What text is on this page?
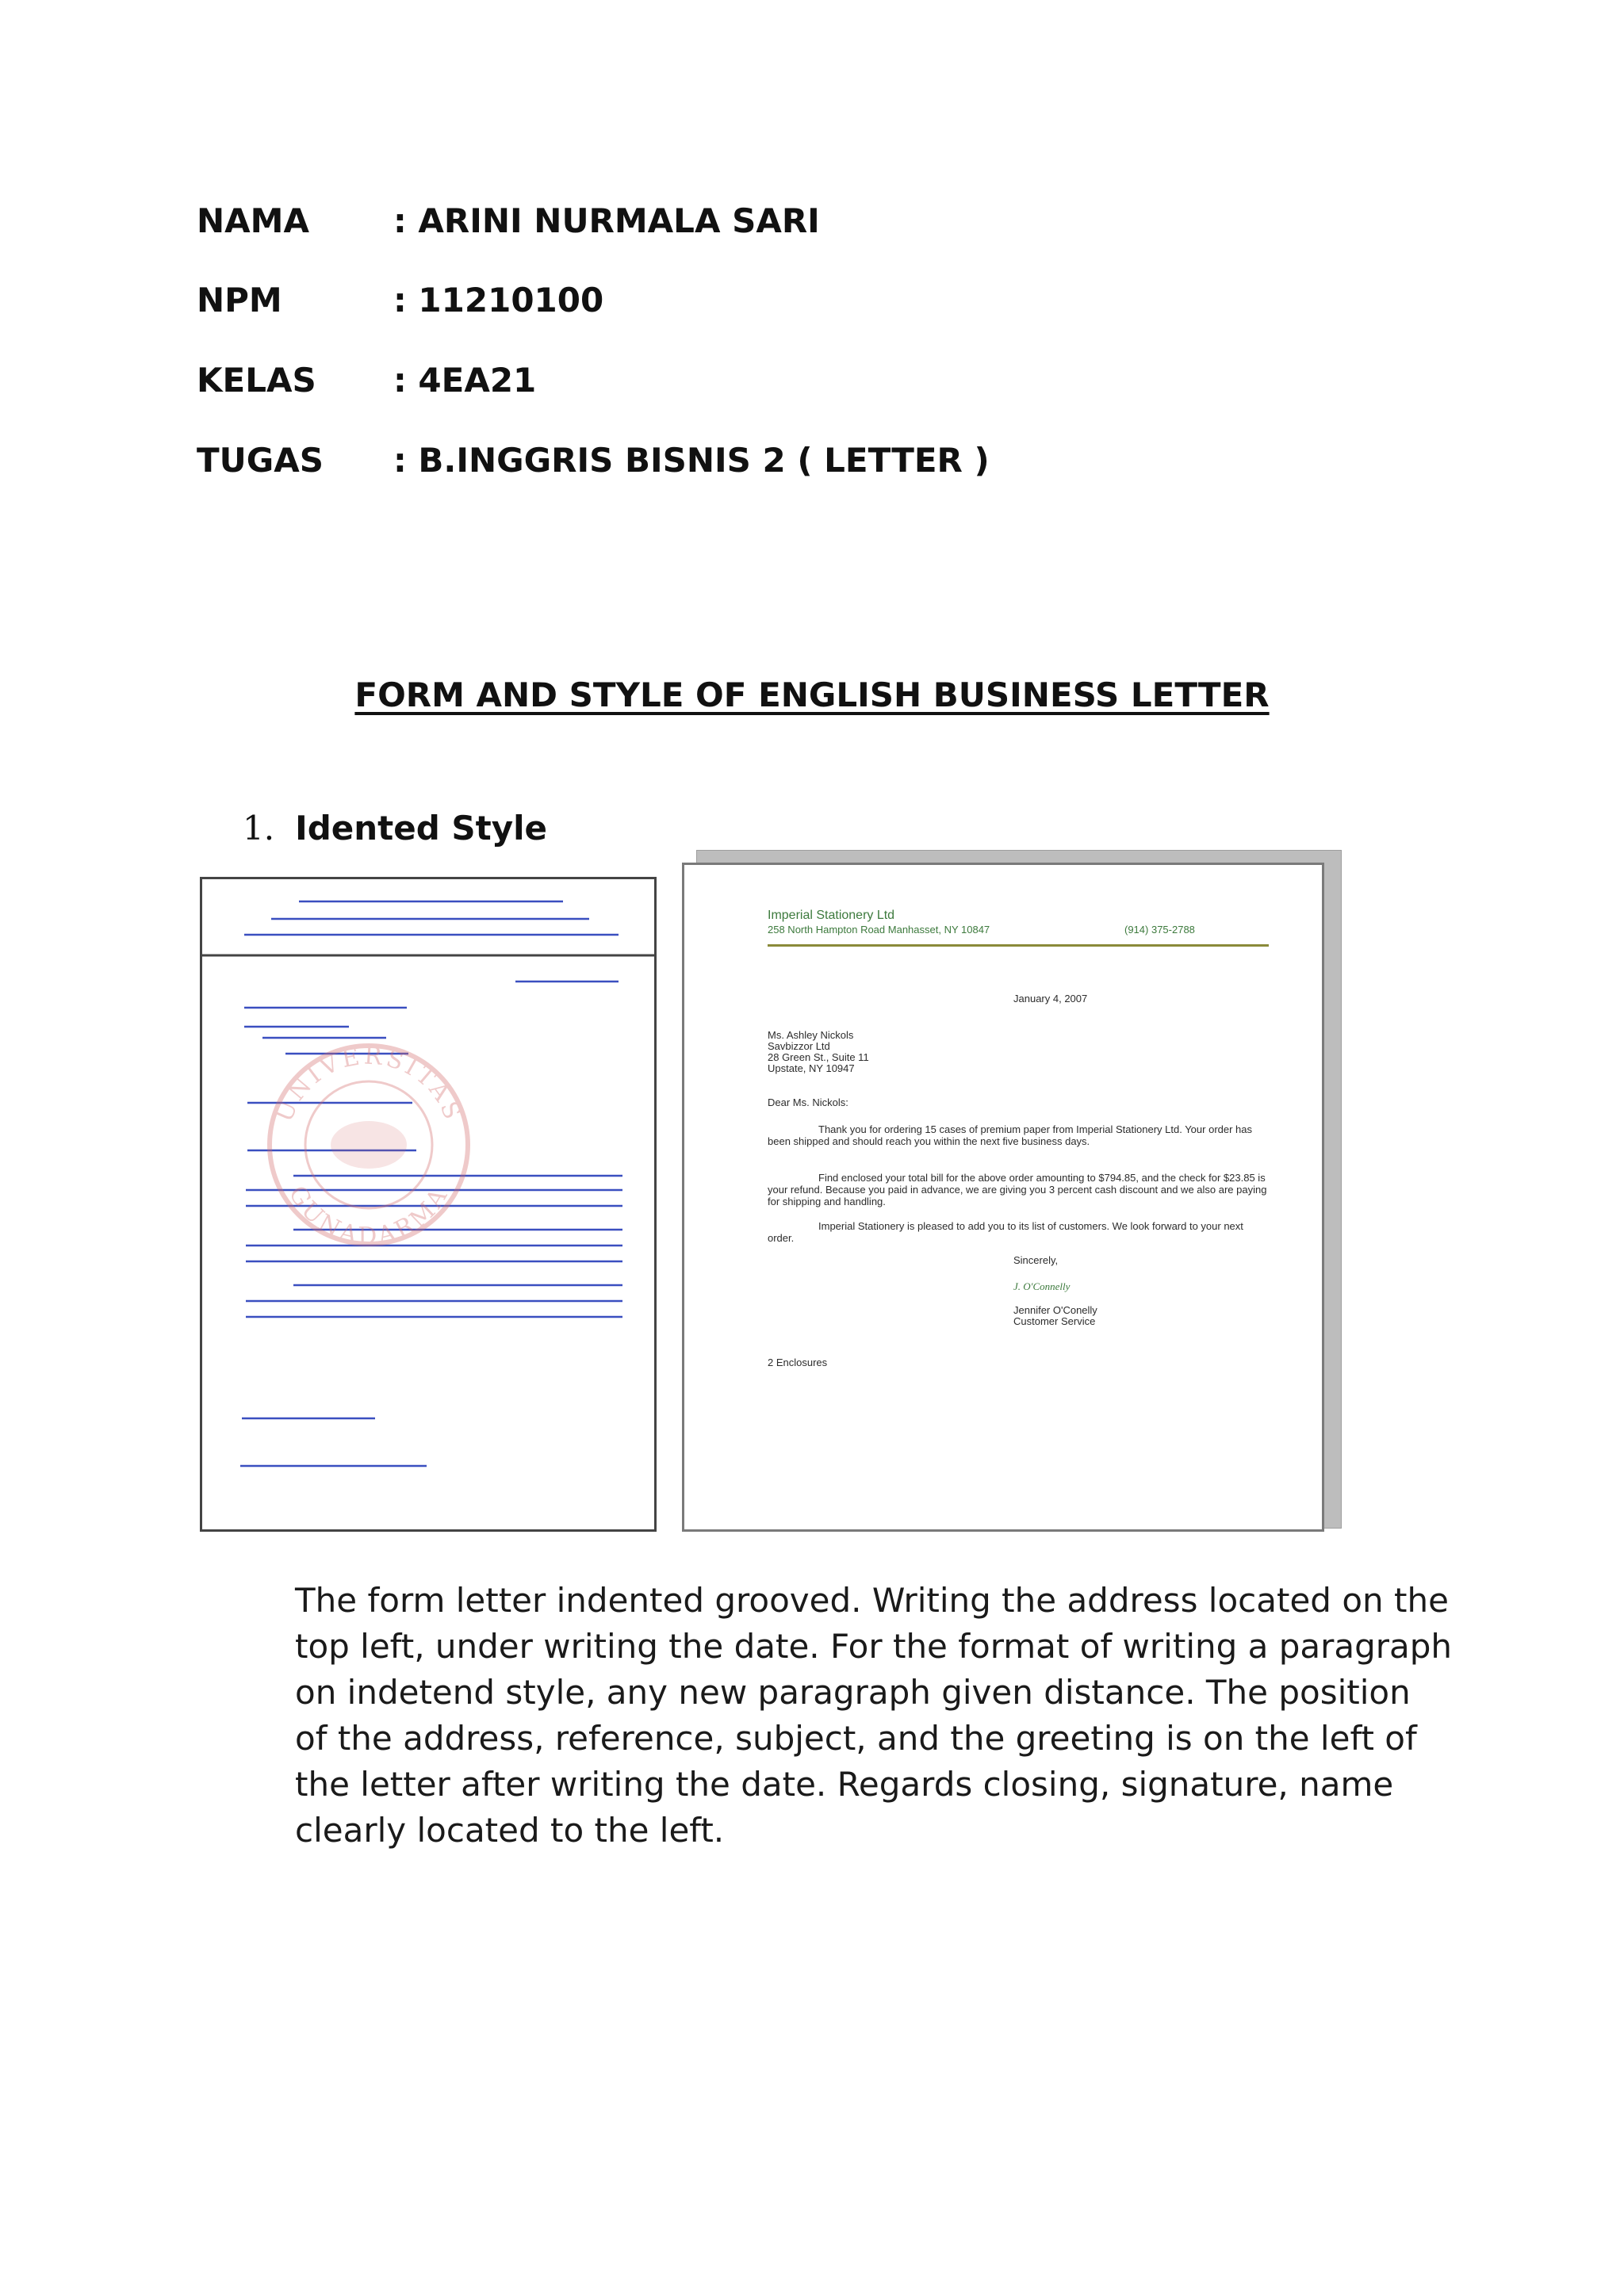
NAMA	: ARINI NURMALA SARI
NPM	: 11210100
KELAS : 4EA21
TUGAS : B.INGGRIS BISNIS 2 ( LETTER )
FORM AND STYLE OF ENGLISH BUSINESS LETTER
1. Idented Style
UNIVERSITAS
GUNADARMA
Imperial Stationery Ltd
258 North Hampton Road Manhasset, NY 10847	(914) 375-2788
January 4, 2007
Ms. Ashley Nickols
Savbizzor Ltd
28 Green St., Suite 11
Upstate, NY 10947
Dear Ms. Nickols:

Thank you for ordering 15 cases of premium paper from Imperial Stationery Ltd. Your order has been shipped and should reach you within the next five business days.

Find enclosed your total bill for the above order amounting to $794.85, and the check for $23.85 is your refund. Because you paid in advance, we are giving you 3 percent cash discount and we also are paying for shipping and handling.

Imperial Stationery is pleased to add you to its list of customers. We look forward to your next order.

Sincerely,
J. O'Connelly
Jennifer O'Conelly
Customer Service
2 Enclosures

The form letter indented grooved. Writing the address located on the top left, under writing the date. For the format of writing a paragraph on indetend style, any new paragraph given distance. The position of the address, reference, subject, and the greeting is on the left of the letter after writing the date. Regards closing, signature, name clearly located to the left.
